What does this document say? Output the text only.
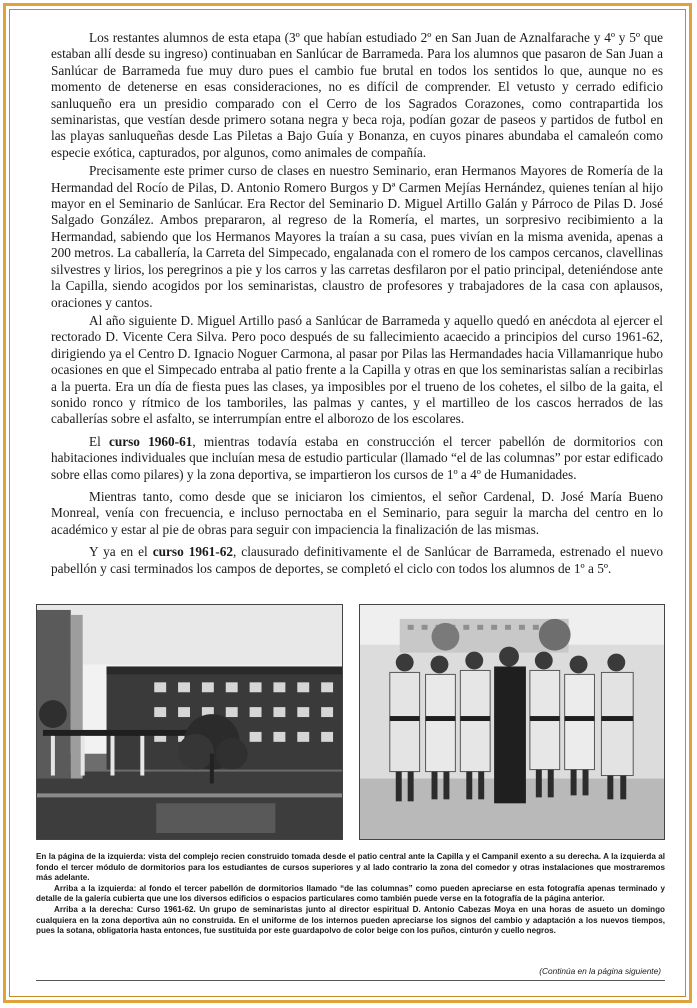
Los restantes alumnos de esta etapa (3º que habían estudiado 2º en San Juan de Aznalfarache y 4º y 5º que estaban allí desde su ingreso) continuaban en Sanlúcar de Barrameda. Para los alumnos que pasaron de San Juan a Sanlúcar de Barrameda fue muy duro pues el cambio fue brutal en todos los sentidos lo que, aunque no es momento de detenerse en esas consideraciones, no es difícil de comprender. El vetusto y cerrado edificio sanluqueño era un presidio comparado con el Cerro de los Sagrados Corazones, como contrapartida los seminaristas, que vestían desde primero sotana negra y beca roja, podían gozar de paseos y partidos de futbol en las playas sanluqueñas desde Las Piletas a Bajo Guía y Bonanza, en cuyos pinares abundaba el camaleón como especie exótica, capturados, por algunos, como animales de compañía.

Precisamente este primer curso de clases en nuestro Seminario, eran Hermanos Mayores de Romería de la Hermandad del Rocío de Pilas, D. Antonio Romero Burgos y Dª Carmen Mejías Hernández, quienes tenían al hijo mayor en el Seminario de Sanlúcar. Era Rector del Seminario D. Miguel Artillo Galán y Párroco de Pilas D. José Salgado González. Ambos prepararon, al regreso de la Romería, el martes, un sorpresivo recibimiento a la Hermandad, sabiendo que los Hermanos Mayores la traían a su casa, pues vivían en la misma avenida, apenas a 200 metros. La caballería, la Carreta del Simpecado, engalanada con el romero de los campos cercanos, clavellinas silvestres y lirios, los peregrinos a pie y los carros y las carretas desfilaron por el patio principal, deteniéndose ante la Capilla, siendo acogidos por los seminaristas, claustro de profesores y trabajadores de la casa con aplausos, oraciones y cantos.

Al año siguiente D. Miguel Artillo pasó a Sanlúcar de Barrameda y aquello quedó en anécdota al ejercer el rectorado D. Vicente Cera Silva. Pero poco después de su fallecimiento acaecido a principios del curso 1961-62, dirigiendo ya el Centro D. Ignacio Noguer Carmona, al pasar por Pilas las Hermandades hacia Villamanrique hubo ocasiones en que el Simpecado entraba al patio frente a la Capilla y otras en que los seminaristas salían a recibirlas a la puerta. Era un día de fiesta pues las clases, ya imposibles por el trueno de los cohetes, el silbo de la gaita, el sonido ronco y rítmico de los tamboriles, las palmas y cantes, y el martilleo de los cascos herrados de las caballerías sobre el asfalto, se interrumpían entre el alborozo de los escolares.

El curso 1960-61, mientras todavía estaba en construcción el tercer pabellón de dormitorios con habitaciones individuales que incluían mesa de estudio particular (llamado “el de las columnas” por estar edificado sobre ellas como pilares) y la zona deportiva, se impartieron los cursos de 1º a 4º de Humanidades.

Mientras tanto, como desde que se iniciaron los cimientos, el señor Cardenal, D. José María Bueno Monreal, venía con frecuencia, e incluso pernoctaba en el Seminario, para seguir la marcha del centro en lo académico y estar al pie de obras para seguir con impaciencia la finalización de las mismas.

Y ya en el curso 1961-62, clausurado definitivamente el de Sanlúcar de Barrameda, estrenado el nuevo pabellón y casi terminados los campos de deportes, se completó el ciclo con todos los alumnos de 1º a 5º.

En la página de la izquierda: vista del complejo recien construido tomada desde el patio central ante la Capilla y el Campanil exento a su derecha. A la izquierda al fondo el tercer módulo de dormitorios para los estudiantes de cursos superiores y al lado contrario la zona del comedor y otras instalaciones que mostraremos más adelante.

Arriba a la izquierda: al fondo el tercer pabellón de dormitorios llamado “de las columnas” como pueden apreciarse en esta fotografía apenas terminado y detalle de la galería cubierta que une los diversos edificios o espacios particulares como también puede verse en la fotografía de la página anterior.

Arriba a la derecha: Curso 1961-62. Un grupo de seminaristas junto al director espiritual D. Antonio Cabezas Moya en una horas de asueto un domingo cualquiera en la zona deportiva aún no construida. En el uniforme de los internos pueden apreciarse los signos del cambio y adaptación a los nuevos tiempos, pues la sotana, obligatoria hasta entonces, fue sustituida por este guardapolvo de color beige con los puños, cinturón y cuello negros.

(Continúa en la página siguiente)
